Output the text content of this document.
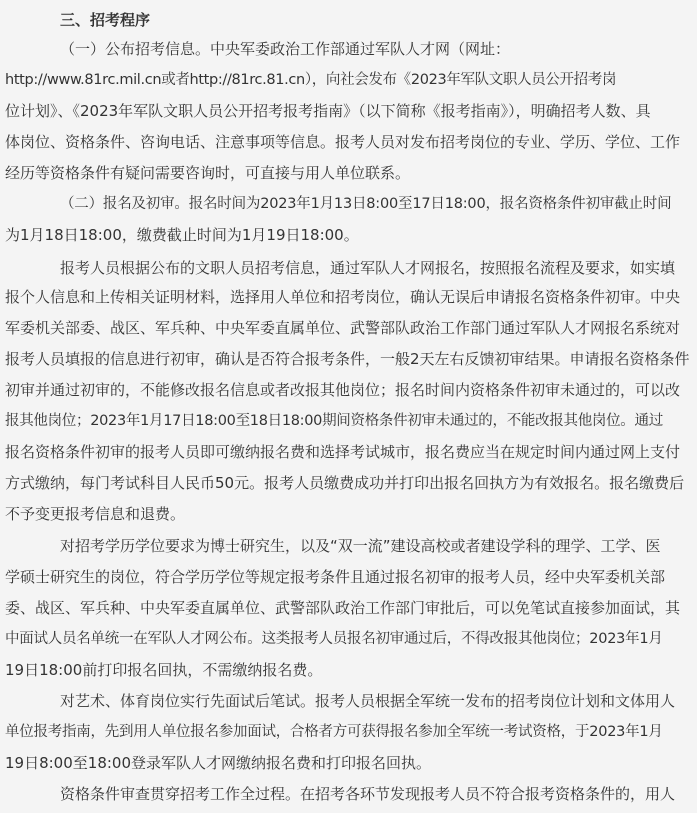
三、招考程序
（一）公布招考信息。中央军委政治工作部通过军队人才网（网址：
http://www.81rc.mil.cn或者http://81rc.81.cn），向社会发布《2023年军队文职人员公开招考岗
位计划》、《2023年军队文职人员公开招考报考指南》（以下简称《报考指南》），明确招考人数、具
体岗位、资格条件、咨询电话、注意事项等信息。报考人员对发布招考岗位的专业、学历、学位、工作
经历等资格条件有疑问需要咨询时，可直接与用人单位联系。
（二）报名及初审。报名时间为2023年1月13日8:00至17日18:00，报名资格条件初审截止时间
为1月18日18:00，缴费截止时间为1月19日18:00。
报考人员根据公布的文职人员招考信息，通过军队人才网报名，按照报名流程及要求，如实填
报个人信息和上传相关证明材料，选择用人单位和招考岗位，确认无误后申请报名资格条件初审。中央
军委机关部委、战区、军兵种、中央军委直属单位、武警部队政治工作部门通过军队人才网报名系统对
报考人员填报的信息进行初审，确认是否符合报考条件，一般2天左右反馈初审结果。申请报名资格条件
初审并通过初审的，不能修改报名信息或者改报其他岗位；报名时间内资格条件初审未通过的，可以改
报其他岗位；2023年1月17日18:00至18日18:00期间资格条件初审未通过的，不能改报其他岗位。通过
报名资格条件初审的报考人员即可缴纳报名费和选择考试城市，报名费应当在规定时间内通过网上支付
方式缴纳，每门考试科目人民币50元。报考人员缴费成功并打印出报名回执方为有效报名。报名缴费后
不予变更报考信息和退费。
对招考学历学位要求为博士研究生，以及“双一流”建设高校或者建设学科的理学、工学、医
学硕士研究生的岗位，符合学历学位等规定报考条件且通过报名初审的报考人员，经中央军委机关部
委、战区、军兵种、中央军委直属单位、武警部队政治工作部门审批后，可以免笔试直接参加面试，其
中面试人员名单统一在军队人才网公布。这类报考人员报名初审通过后，不得改报其他岗位；2023年1月
19日18:00前打印报名回执，不需缴纳报名费。
对艺术、体育岗位实行先面试后笔试。报考人员根据全军统一发布的招考岗位计划和文体用人
单位报考指南，先到用人单位报名参加面试，合格者方可获得报名参加全军统一考试资格，于2023年1月
19日8:00至18:00登录军队人才网缴纳报名费和打印报名回执。
资格条件审查贯穿招考工作全过程。在招考各环节发现报考人员不符合报考资格条件的，用人
